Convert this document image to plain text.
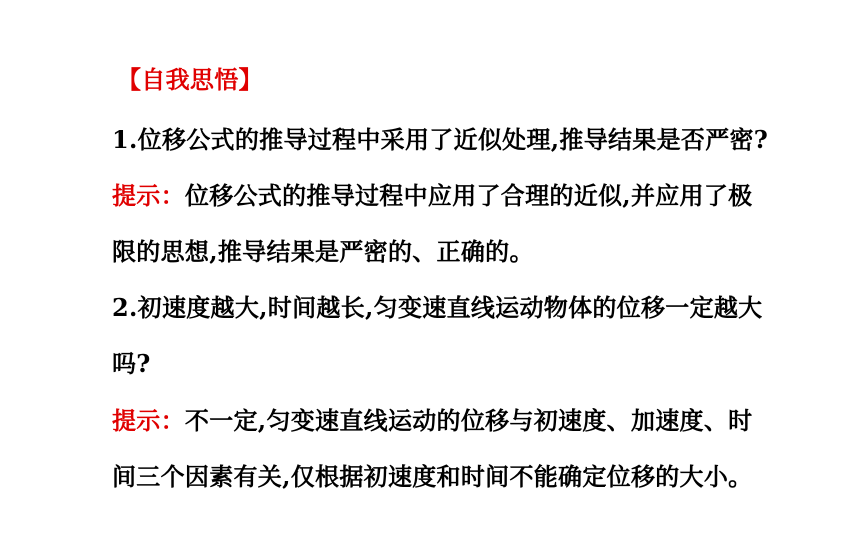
【自我思悟】
1.位移公式的推导过程中采用了近似处理,推导结果是否严密?
提示：位移公式的推导过程中应用了合理的近似,并应用了极
限的思想,推导结果是严密的、正确的。
2.初速度越大,时间越长,匀变速直线运动物体的位移一定越大
吗?
提示：不一定,匀变速直线运动的位移与初速度、加速度、时
间三个因素有关,仅根据初速度和时间不能确定位移的大小。
